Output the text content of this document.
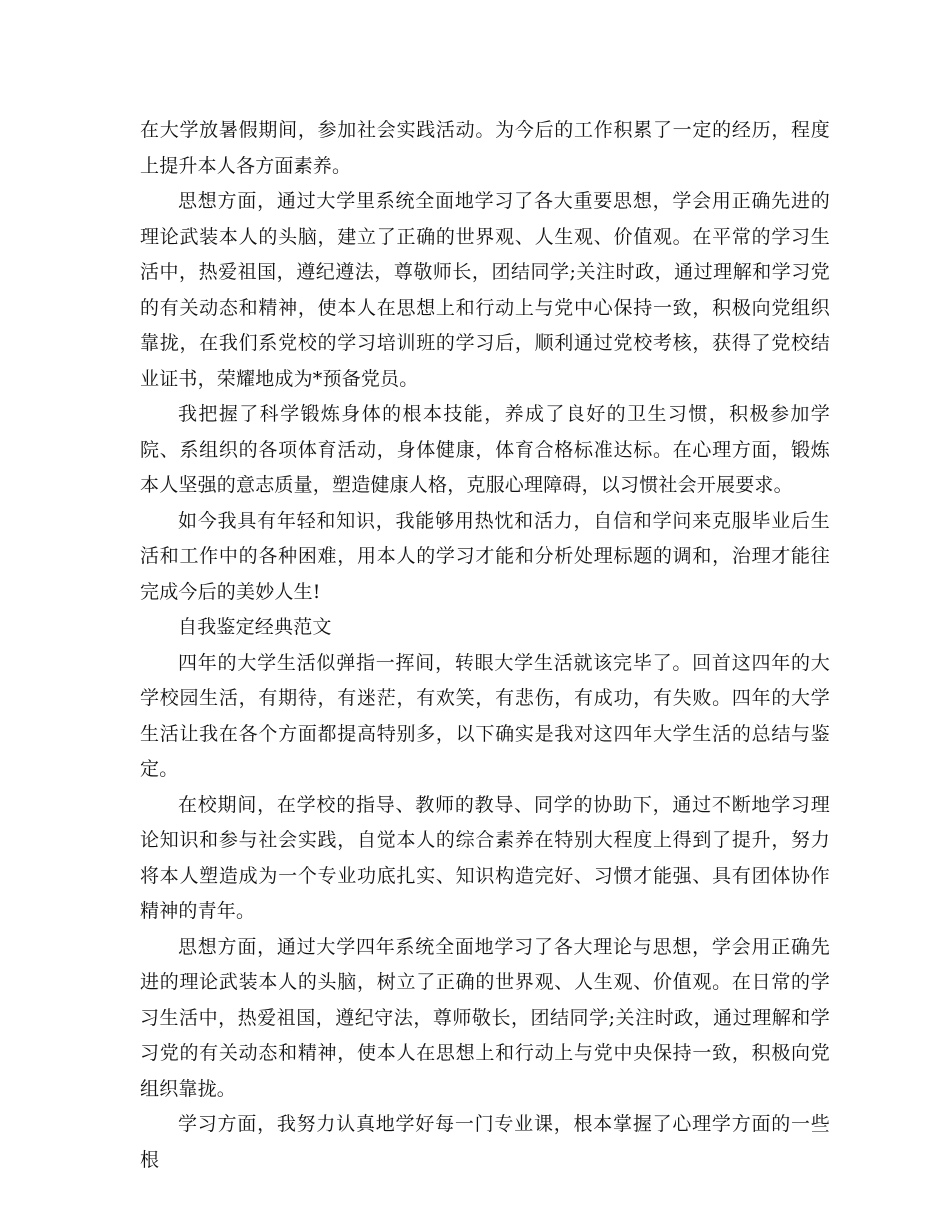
在大学放暑假期间，参加社会实践活动。为今后的工作积累了一定的经历，程度上提升本人各方面素养。

思想方面，通过大学里系统全面地学习了各大重要思想，学会用正确先进的理论武装本人的头脑，建立了正确的世界观、人生观、价值观。在平常的学习生活中，热爱祖国，遵纪遵法，尊敬师长，团结同学;关注时政，通过理解和学习党的有关动态和精神，使本人在思想上和行动上与党中心保持一致，积极向党组织靠拢，在我们系党校的学习培训班的学习后，顺利通过党校考核，获得了党校结业证书，荣耀地成为*预备党员。

我把握了科学锻炼身体的根本技能，养成了良好的卫生习惯，积极参加学院、系组织的各项体育活动，身体健康，体育合格标准达标。在心理方面，锻炼本人坚强的意志质量，塑造健康人格，克服心理障碍，以习惯社会开展要求。

如今我具有年轻和知识，我能够用热忱和活力，自信和学问来克服毕业后生活和工作中的各种困难，用本人的学习才能和分析处理标题的调和，治理才能往完成今后的美妙人生!

自我鉴定经典范文

四年的大学生活似弹指一挥间，转眼大学生活就该完毕了。回首这四年的大学校园生活，有期待，有迷茫，有欢笑，有悲伤，有成功，有失败。四年的大学生活让我在各个方面都提高特别多，以下确实是我对这四年大学生活的总结与鉴定。

在校期间，在学校的指导、教师的教导、同学的协助下，通过不断地学习理论知识和参与社会实践，自觉本人的综合素养在特别大程度上得到了提升，努力将本人塑造成为一个专业功底扎实、知识构造完好、习惯才能强、具有团体协作精神的青年。

思想方面，通过大学四年系统全面地学习了各大理论与思想，学会用正确先进的理论武装本人的头脑，树立了正确的世界观、人生观、价值观。在日常的学习生活中，热爱祖国，遵纪守法，尊师敬长，团结同学;关注时政，通过理解和学习党的有关动态和精神，使本人在思想上和行动上与党中央保持一致，积极向党组织靠拢。

学习方面，我努力认真地学好每一门专业课，根本掌握了心理学方面的一些根
